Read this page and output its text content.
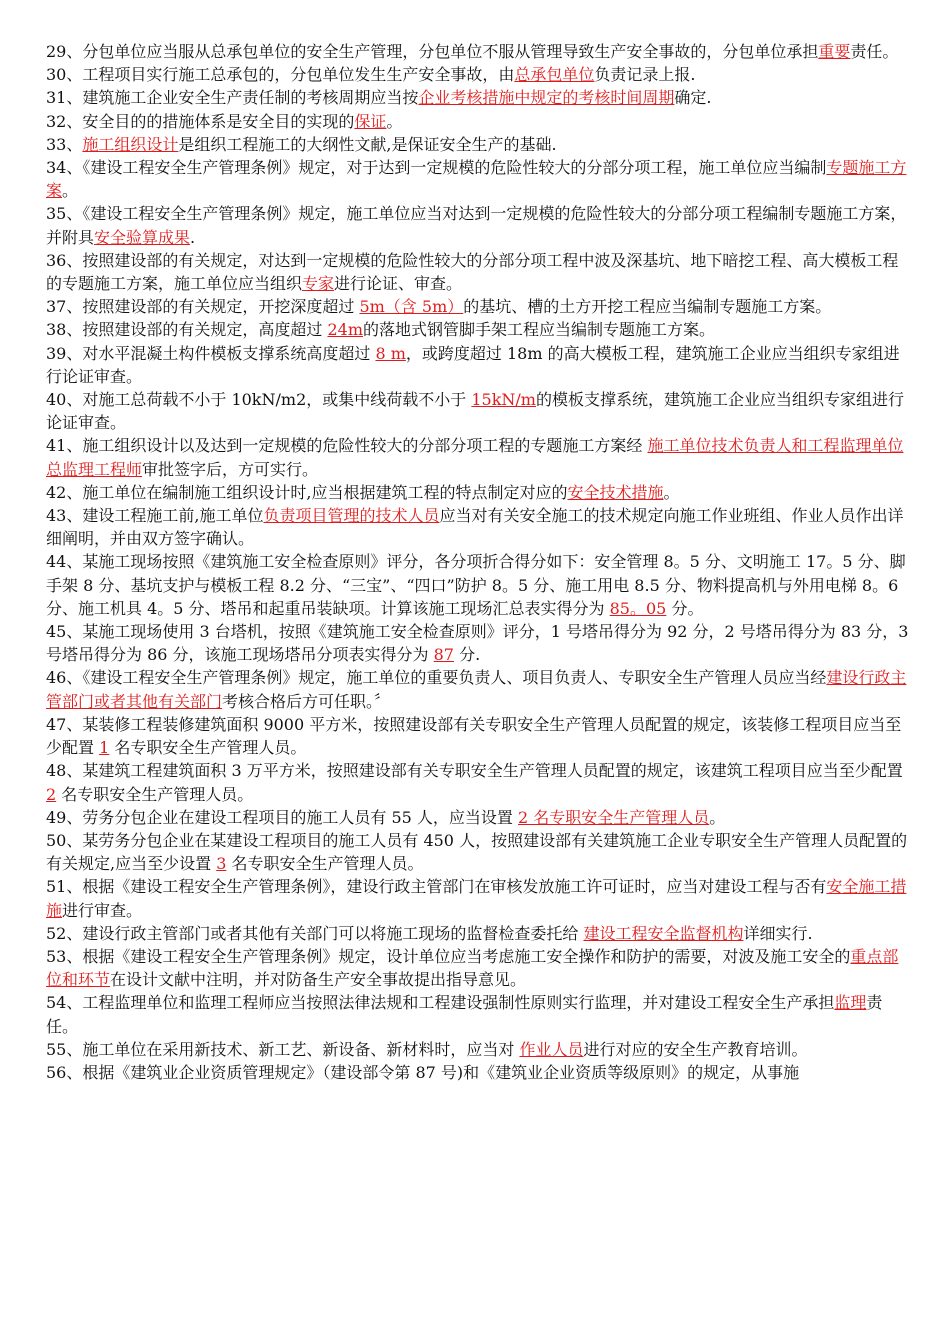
29、分包单位应当服从总承包单位的安全生产管理，分包单位不服从管理导致生产安全事故的，分包单位承担重要责任。

30、工程项目实行施工总承包的，分包单位发生生产安全事故，由总承包单位负责记录上报.

31、建筑施工企业安全生产责任制的考核周期应当按企业考核措施中规定的考核时间周期确定.

32、安全目的的措施体系是安全目的实现的保证。

33、施工组织设计是组织工程施工的大纲性文献,是保证安全生产的基础.

34、《建设工程安全生产管理条例》规定，对于达到一定规模的危险性较大的分部分项工程，施工单位应当编制专题施工方案。

35、《建设工程安全生产管理条例》规定，施工单位应当对达到一定规模的危险性较大的分部分项工程编制专题施工方案，并附具安全验算成果.

36、按照建设部的有关规定，对达到一定规模的危险性较大的分部分项工程中波及深基坑、地下暗挖工程、高大模板工程的专题施工方案，施工单位应当组织专家进行论证、审查。

37、按照建设部的有关规定，开挖深度超过 5m（含 5m）的基坑、槽的土方开挖工程应当编制专题施工方案。

38、按照建设部的有关规定，高度超过 24m的落地式钢管脚手架工程应当编制专题施工方案。

39、对水平混凝土构件模板支撑系统高度超过 8 m，或跨度超过 18m 的高大模板工程，建筑施工企业应当组织专家组进行论证审查。

40、对施工总荷载不小于 10kN/m2，或集中线荷载不小于 15kN/m的模板支撑系统，建筑施工企业应当组织专家组进行论证审查。

41、施工组织设计以及达到一定规模的危险性较大的分部分项工程的专题施工方案经 施工单位技术负责人和工程监理单位总监理工程师审批签字后，方可实行。

42、施工单位在编制施工组织设计时,应当根据建筑工程的特点制定对应的安全技术措施。

43、建设工程施工前,施工单位负责项目管理的技术人员应当对有关安全施工的技术规定向施工作业班组、作业人员作出详细阐明，并由双方签字确认。

44、某施工现场按照《建筑施工安全检查原则》评分，各分项折合得分如下：安全管理 8。5 分、文明施工 17。5 分、脚手架 8 分、基坑支护与模板工程 8.2 分、“三宝”、“四口”防护 8。5 分、施工用电 8.5 分、物料提高机与外用电梯 8。6 分、施工机具 4。5 分、塔吊和起重吊装缺项。计算该施工现场汇总表实得分为 85。05 分。

45、某施工现场使用 3 台塔机，按照《建筑施工安全检查原则》评分，1 号塔吊得分为 92 分，2 号塔吊得分为 83 分，3 号塔吊得分为 86 分，该施工现场塔吊分项表实得分为 87 分.

46、《建设工程安全生产管理条例》规定，施工单位的重要负责人、项目负责人、专职安全生产管理人员应当经建设行政主管部门或者其他有关部门考核合格后方可任职。〞

47、某装修工程装修建筑面积 9000 平方米，按照建设部有关专职安全生产管理人员配置的规定，该装修工程项目应当至少配置 1 名专职安全生产管理人员。

48、某建筑工程建筑面积 3 万平方米，按照建设部有关专职安全生产管理人员配置的规定，该建筑工程项目应当至少配置 2 名专职安全生产管理人员。

49、劳务分包企业在建设工程项目的施工人员有 55 人，应当设置 2 名专职安全生产管理人员。

50、某劳务分包企业在某建设工程项目的施工人员有 450 人，按照建设部有关建筑施工企业专职安全生产管理人员配置的有关规定,应当至少设置 3 名专职安全生产管理人员。

51、根据《建设工程安全生产管理条例》，建设行政主管部门在审核发放施工许可证时，应当对建设工程与否有安全施工措施进行审查。

52、建设行政主管部门或者其他有关部门可以将施工现场的监督检查委托给 建设工程安全监督机构详细实行.

53、根据《建设工程安全生产管理条例》规定，设计单位应当考虑施工安全操作和防护的需要，对波及施工安全的重点部位和环节在设计文献中注明，并对防备生产安全事故提出指导意见。

54、工程监理单位和监理工程师应当按照法律法规和工程建设强制性原则实行监理，并对建设工程安全生产承担监理责任。

55、施工单位在采用新技术、新工艺、新设备、新材料时，应当对 作业人员进行对应的安全生产教育培训。

56、根据《建筑业企业资质管理规定》（建设部令第 87 号)和《建筑业企业资质等级原则》的规定，从事施
